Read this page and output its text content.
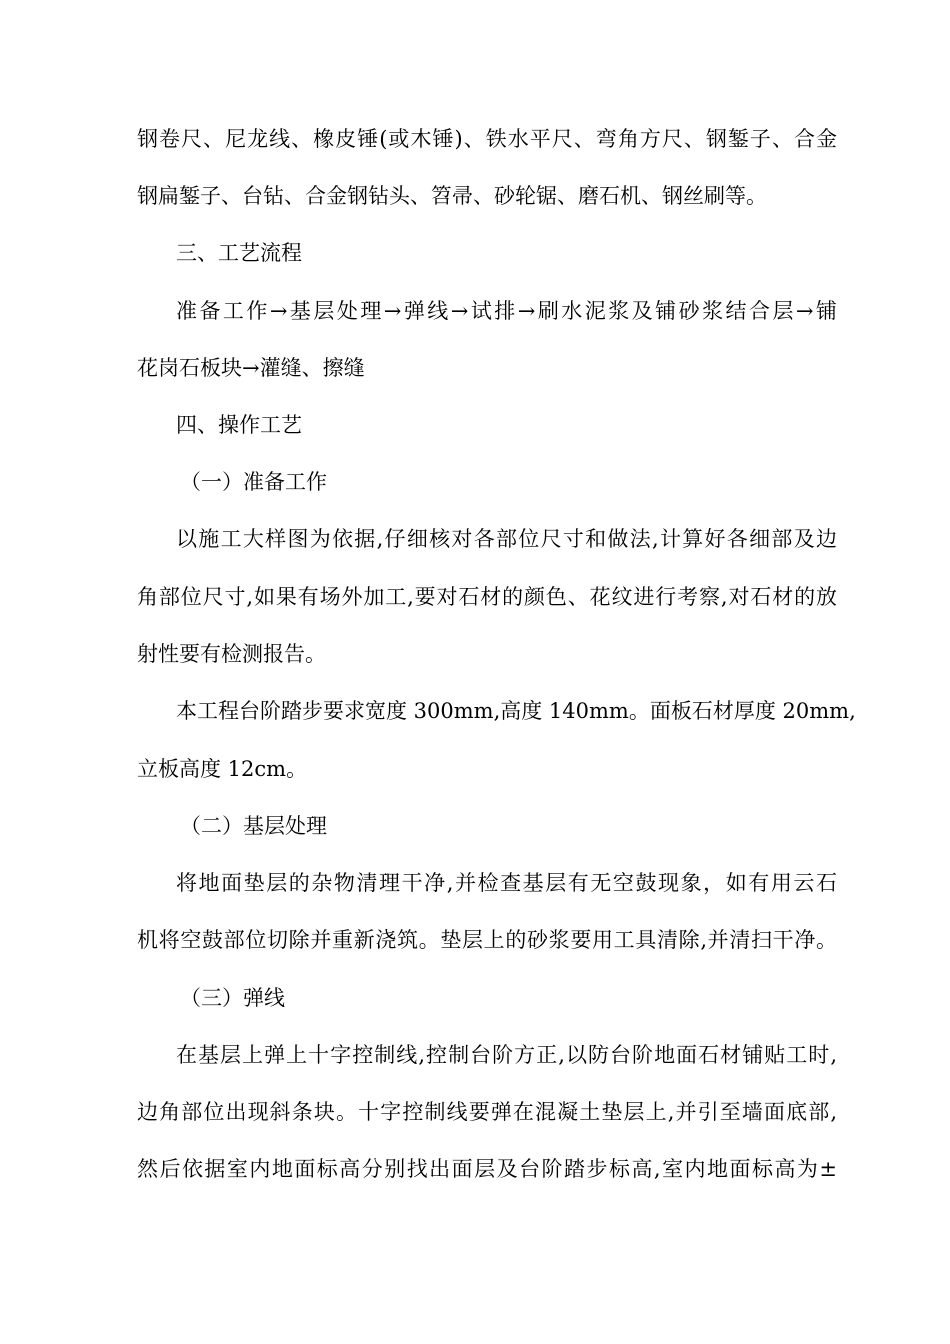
钢卷尺、尼龙线、橡皮锤(或木锤)、铁水平尺、弯角方尺、钢錾子、合金
钢扁錾子、台钻、合金钢钻头、笤帚、砂轮锯、磨石机、钢丝刷等。
三、工艺流程
准备工作→基层处理→弹线→试排→刷水泥浆及铺砂浆结合层→铺
花岗石板块→灌缝、擦缝
四、操作工艺
（一）准备工作
以施工大样图为依据,仔细核对各部位尺寸和做法,计算好各细部及边
角部位尺寸,如果有场外加工,要对石材的颜色、花纹进行考察,对石材的放
射性要有检测报告。
本工程台阶踏步要求宽度 300mm,高度 140mm。面板石材厚度 20mm,
立板高度 12cm。
（二）基层处理
将地面垫层的杂物清理干净,并检查基层有无空鼓现象，如有用云石
机将空鼓部位切除并重新浇筑。垫层上的砂浆要用工具清除,并清扫干净。
（三）弹线
在基层上弹上十字控制线,控制台阶方正,以防台阶地面石材铺贴工时,
边角部位出现斜条块。十字控制线要弹在混凝土垫层上,并引至墙面底部,
然后依据室内地面标高分别找出面层及台阶踏步标高,室内地面标高为±
